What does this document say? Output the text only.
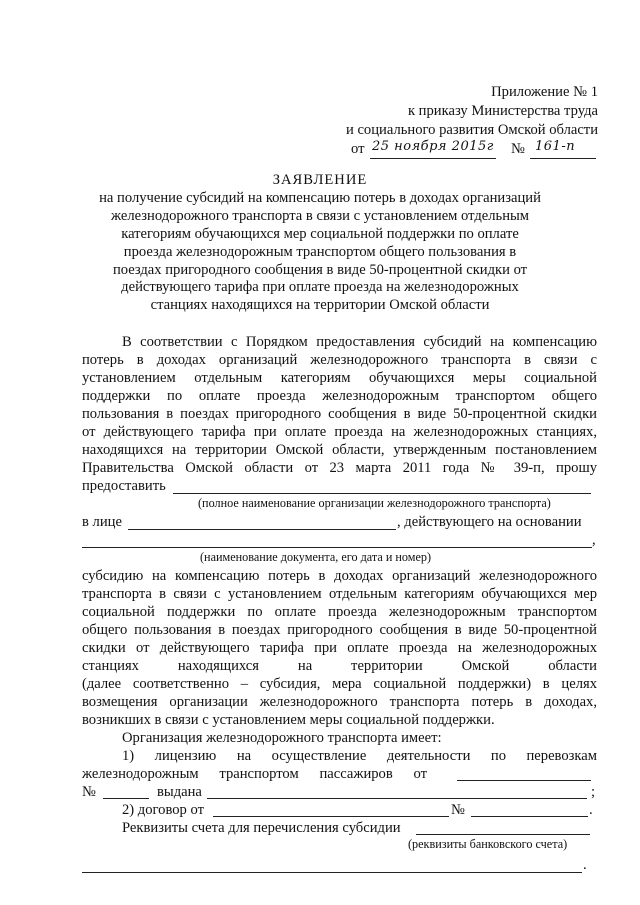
Приложение № 1
к приказу Министерства труда
и социального развития Омской области
от 25 ноября 2015г № 161-п
ЗАЯВЛЕНИЕ
на получение субсидий на компенсацию потерь в доходах организаций
железнодорожного транспорта в связи с установлением отдельным
категориям обучающихся мер социальной поддержки по оплате
проезда железнодорожным транспортом общего пользования в
поездах пригородного сообщения в виде 50-процентной скидки от
действующего тарифа при оплате проезда на железнодорожных
станциях находящихся на территории Омской области
В соответствии с Порядком предоставления субсидий на компенсацию
потерь в доходах организаций железнодорожного транспорта в связи с
установлением отдельным категориям обучающихся меры социальной
поддержки по оплате проезда железнодорожным транспортом общего
пользования в поездах пригородного сообщения в виде 50-процентной скидки
от действующего тарифа при оплате проезда на железнодорожных станциях,
находящихся на территории Омской области, утвержденным постановлением
Правительства Омской области от 23 марта 2011 года № 39-п, прошу
предоставить
(полное наименование организации железнодорожного транспорта)
в лице	, действующего на основании
,
(наименование документа, его дата и номер)
субсидию на компенсацию потерь в доходах организаций железнодорожного
транспорта в связи с установлением отдельным категориям обучающихся мер
социальной поддержки по оплате проезда железнодорожным транспортом
общего пользования в поездах пригородного сообщения в виде 50-процентной
скидки от действующего тарифа при оплате проезда на железнодорожных
станциях находящихся на территории Омской области
(далее соответственно – субсидия, мера социальной поддержки) в целях
возмещения организации железнодорожного транспорта потерь в доходах,
возникших в связи с установлением меры социальной поддержки.
Организация железнодорожного транспорта имеет:
1) лицензию на осуществление деятельности по перевозкам
железнодорожным транспортом пассажиров от
№	выдана	;
2) договор от	№	.
Реквизиты счета для перечисления субсидии
(реквизиты банковского счета)
.
